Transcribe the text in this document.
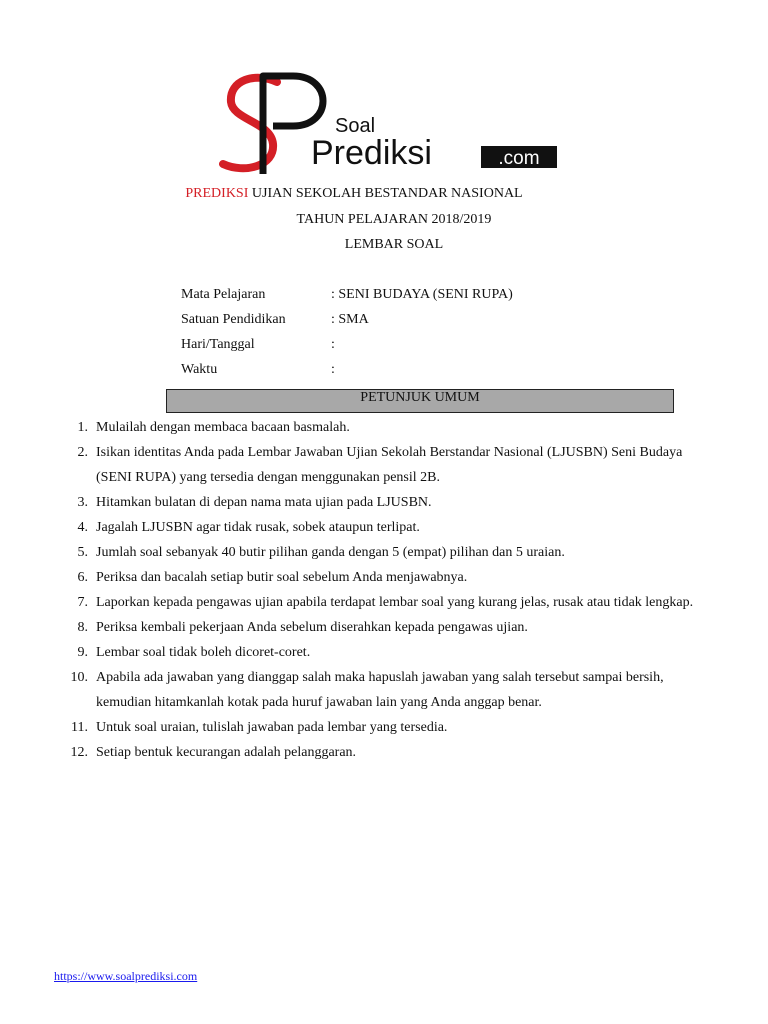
Soal
Prediksi	.com
PREDIKSI UJIAN SEKOLAH BESTANDAR NASIONAL
TAHUN PELAJARAN 2018/2019
LEMBAR SOAL
Mata Pelajaran	: SENI BUDAYA (SENI RUPA)
Satuan Pendidikan	: SMA
Hari/Tanggal	:
Waktu	:
PETUNJUK UMUM
1. Mulailah dengan membaca bacaan basmalah.
2. Isikan identitas Anda pada Lembar Jawaban Ujian Sekolah Berstandar Nasional (LJUSBN) Seni Budaya (SENI RUPA) yang tersedia dengan menggunakan pensil 2B.
3. Hitamkan bulatan di depan nama mata ujian pada LJUSBN.
4. Jagalah LJUSBN agar tidak rusak, sobek ataupun terlipat.
5. Jumlah soal sebanyak 40 butir pilihan ganda dengan 5 (empat) pilihan dan 5 uraian.
6. Periksa dan bacalah setiap butir soal sebelum Anda menjawabnya.
7. Laporkan kepada pengawas ujian apabila terdapat lembar soal yang kurang jelas, rusak atau tidak lengkap.
8. Periksa kembali pekerjaan Anda sebelum diserahkan kepada pengawas ujian.
9. Lembar soal tidak boleh dicoret-coret.
10. Apabila ada jawaban yang dianggap salah maka hapuslah jawaban yang salah tersebut sampai bersih, kemudian hitamkanlah kotak pada huruf jawaban lain yang Anda anggap benar.
11. Untuk soal uraian, tulislah jawaban pada lembar yang tersedia.
12. Setiap bentuk kecurangan adalah pelanggaran.
https://www.soalprediksi.com
